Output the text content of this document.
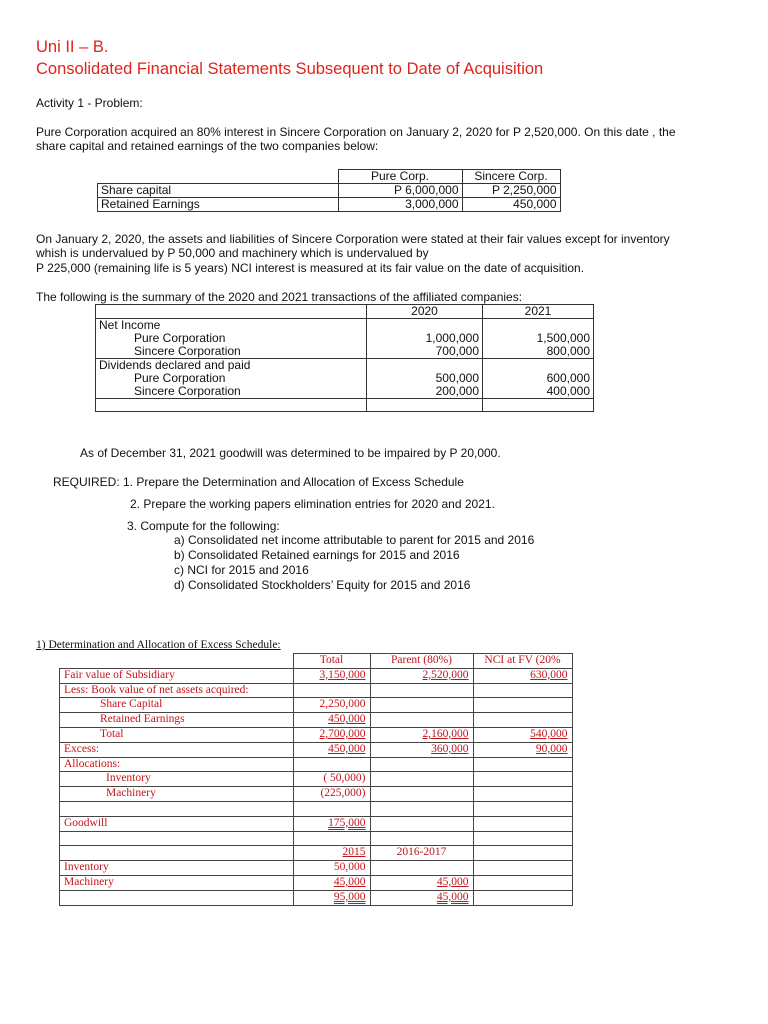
Uni II – B.
Consolidated Financial Statements Subsequent to Date of Acquisition
Activity 1 - Problem:
Pure Corporation acquired an 80% interest in Sincere Corporation on January 2, 2020 for P 2,520,000. On this date , the
share capital and retained earnings of the two companies below:
	Pure Corp.	Sincere Corp.
Share capital	P 6,000,000	P 2,250,000
Retained Earnings	3,000,000	450,000
On January 2, 2020, the assets and liabilities of Sincere Corporation were stated at their fair values except for inventory
whish is undervalued by P 50,000 and machinery which is undervalued by
P 225,000 (remaining life is 5 years) NCI interest is measured at its fair value on the date of acquisition.
The following is the summary of the 2020 and 2021 transactions of the affiliated companies:
	2020	2021
Net Income		
Pure Corporation	1,000,000	1,500,000
Sincere Corporation	700,000	800,000
Dividends declared and paid		
Pure Corporation	500,000	600,000
Sincere Corporation	200,000	400,000

As of December 31, 2021 goodwill was determined to be impaired by P 20,000.
REQUIRED: 1. Prepare the Determination and Allocation of Excess Schedule
2. Prepare the working papers elimination entries for 2020 and 2021.
3. Compute for the following:
a) Consolidated net income attributable to parent for 2015 and 2016
b) Consolidated Retained earnings for 2015 and 2016
c) NCI for 2015 and 2016
d) Consolidated Stockholders’ Equity for 2015 and 2016
1) Determination and Allocation of Excess Schedule:
	Total	Parent (80%)	NCI at FV (20%
Fair value of Subsidiary	3,150,000	2,520,000	630,000
Less: Book value of net assets acquired:			
Share Capital	2,250,000		
Retained Earnings	450,000		
Total	2,700,000	2,160,000	540,000
Excess:	450,000	360,000	90,000
Allocations:			
Inventory	( 50,000)		
Machinery	(225,000)		

Goodwill	175,000		

	2015	2016-2017	
Inventory	50,000		
Machinery	45,000	45,000	
	95,000	45,000	
